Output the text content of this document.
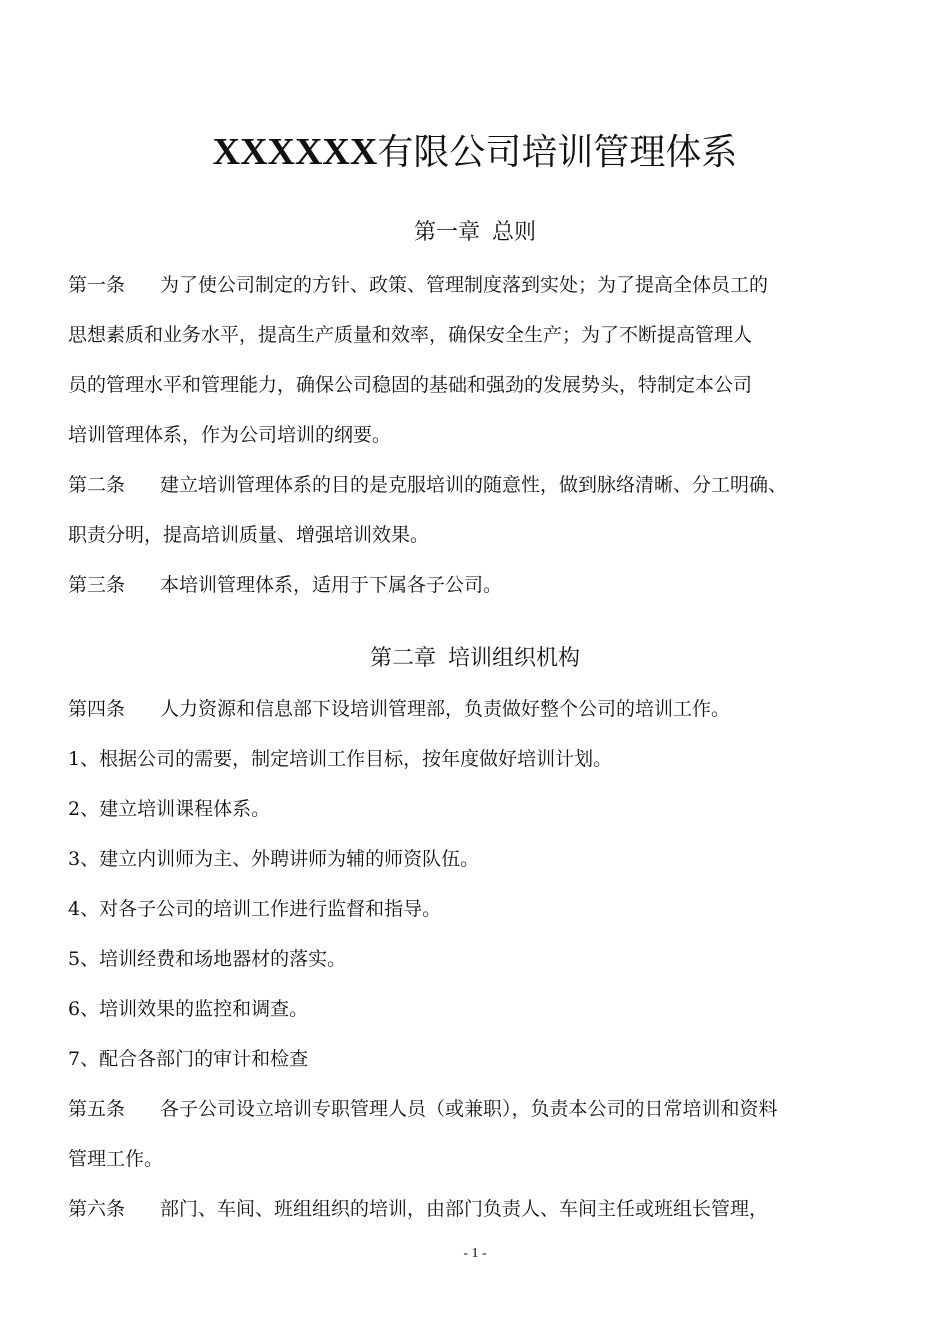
XXXXXX有限公司培训管理体系
第一章 总则
第一条 为了使公司制定的方针、政策、管理制度落到实处；为了提高全体员工的
思想素质和业务水平，提高生产质量和效率，确保安全生产；为了不断提高管理人
员的管理水平和管理能力，确保公司稳固的基础和强劲的发展势头，特制定本公司
培训管理体系，作为公司培训的纲要。
第二条 建立培训管理体系的目的是克服培训的随意性，做到脉络清晰、分工明确、
职责分明，提高培训质量、增强培训效果。
第三条 本培训管理体系，适用于下属各子公司。
第二章 培训组织机构
第四条 人力资源和信息部下设培训管理部，负责做好整个公司的培训工作。
1、根据公司的需要，制定培训工作目标，按年度做好培训计划。
2、建立培训课程体系。
3、建立内训师为主、外聘讲师为辅的师资队伍。
4、对各子公司的培训工作进行监督和指导。
5、培训经费和场地器材的落实。
6、培训效果的监控和调查。
7、配合各部门的审计和检查
第五条 各子公司设立培训专职管理人员（或兼职），负责本公司的日常培训和资料
管理工作。
第六条 部门、车间、班组组织的培训，由部门负责人、车间主任或班组长管理，
- 1 -
